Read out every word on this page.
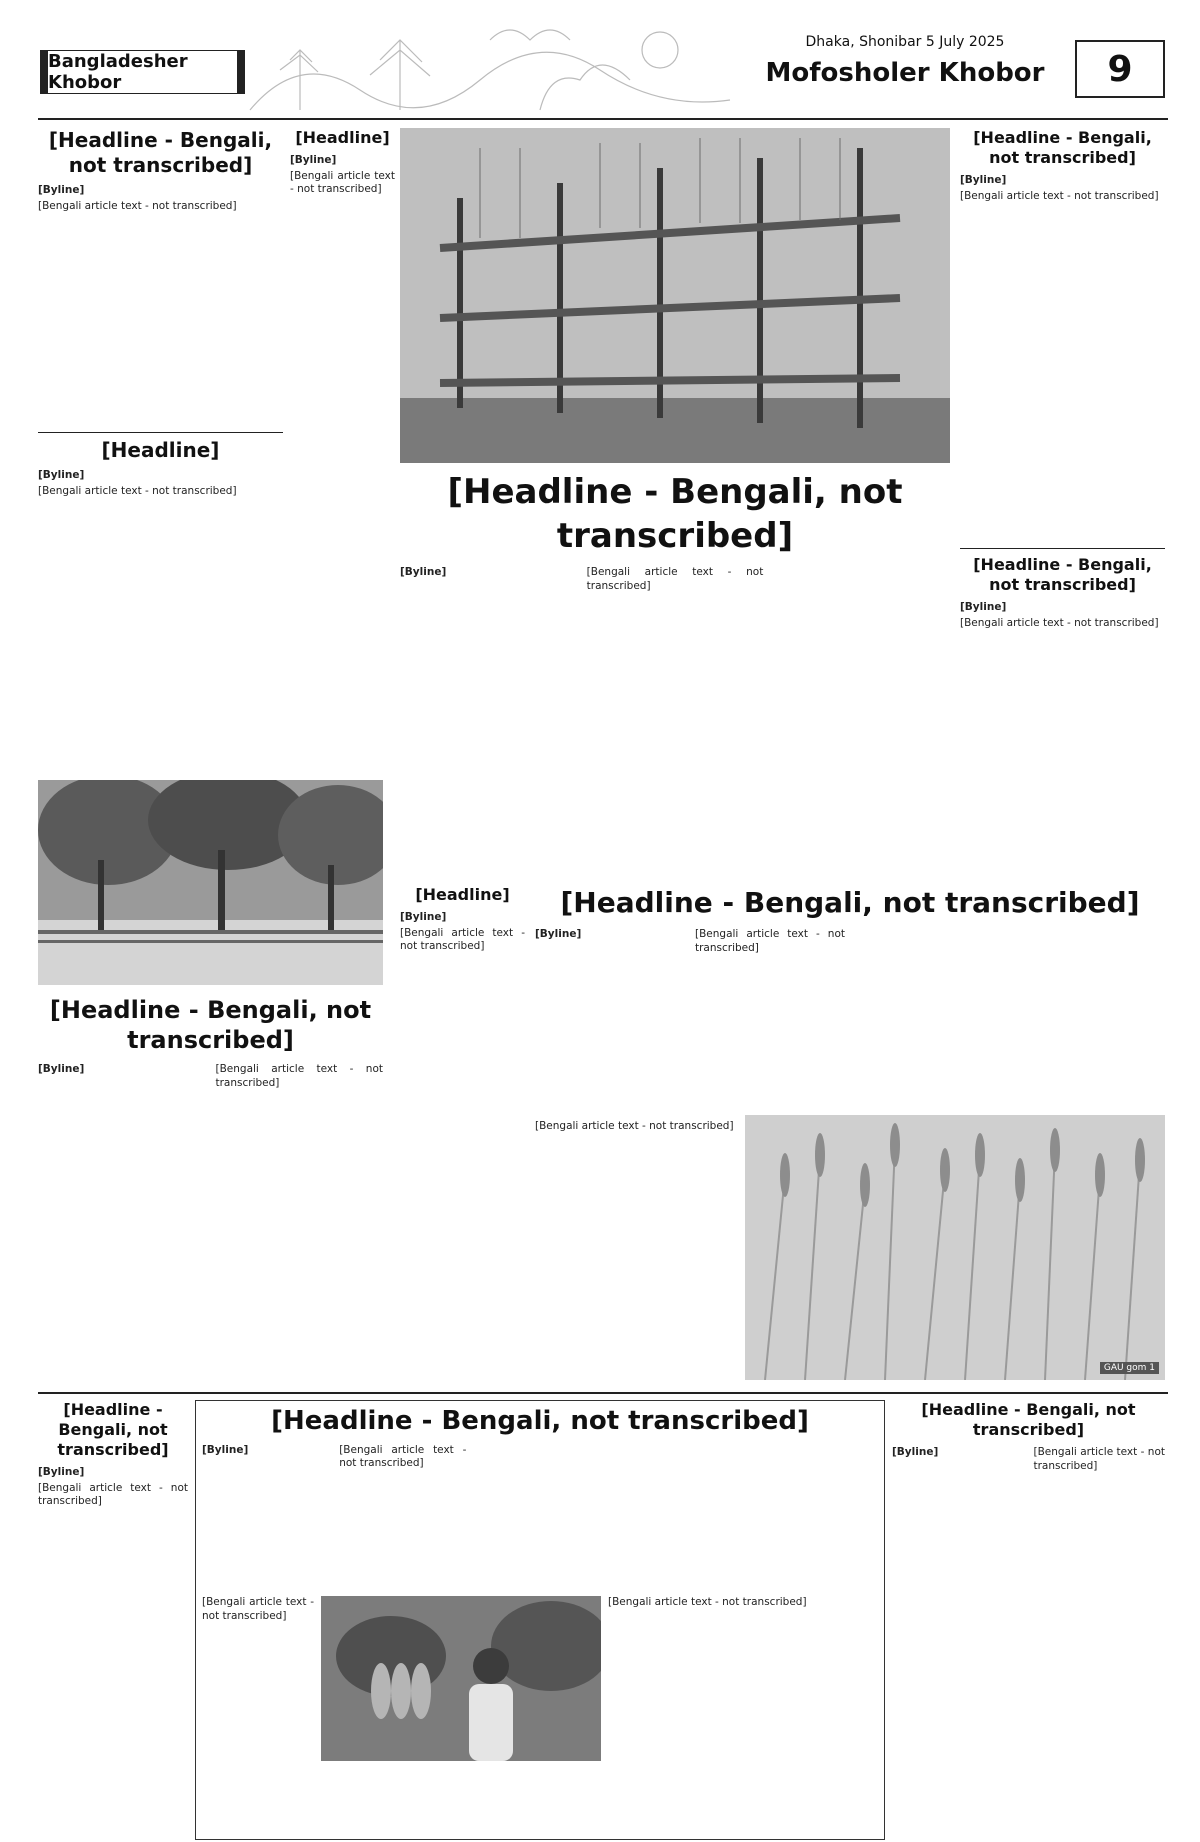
Bangladesher Khobor
Dhaka, Shonibar 5 July 2025
Mofosholer Khobor	9
[Headline - Bengali, not transcribed]
[Byline]
[Bengali article text - not transcribed]
[Headline]
[Byline]
[Bengali article text - not transcribed]
[Headline]
[Byline]
[Bengali article text - not transcribed]
[Headline - Bengali, not transcribed]
[Byline]	[Bengali article text - not transcribed]
[Headline - Bengali, not transcribed]
[Byline]	[Bengali article text - not transcribed]
[Headline]
[Byline]
[Bengali article text - not transcribed]
[Headline - Bengali, not transcribed]
[Byline]	[Bengali article text - not transcribed]
[Bengali article text - not transcribed]
GAU gom 1
[Headline - Bengali, not transcribed]
[Byline]
[Bengali article text - not transcribed]
[Headline - Bengali, not transcribed]
[Byline]
[Bengali article text - not transcribed]
[Headline - Bengali, not transcribed]
[Byline]
[Bengali article text - not transcribed]
[Headline - Bengali, not transcribed]
[Byline]	[Bengali article text - not transcribed]
[Bengali article text - not transcribed]
[Bengali article text - not transcribed]
[Headline - Bengali, not transcribed]
[Byline]	[Bengali article text - not transcribed]
